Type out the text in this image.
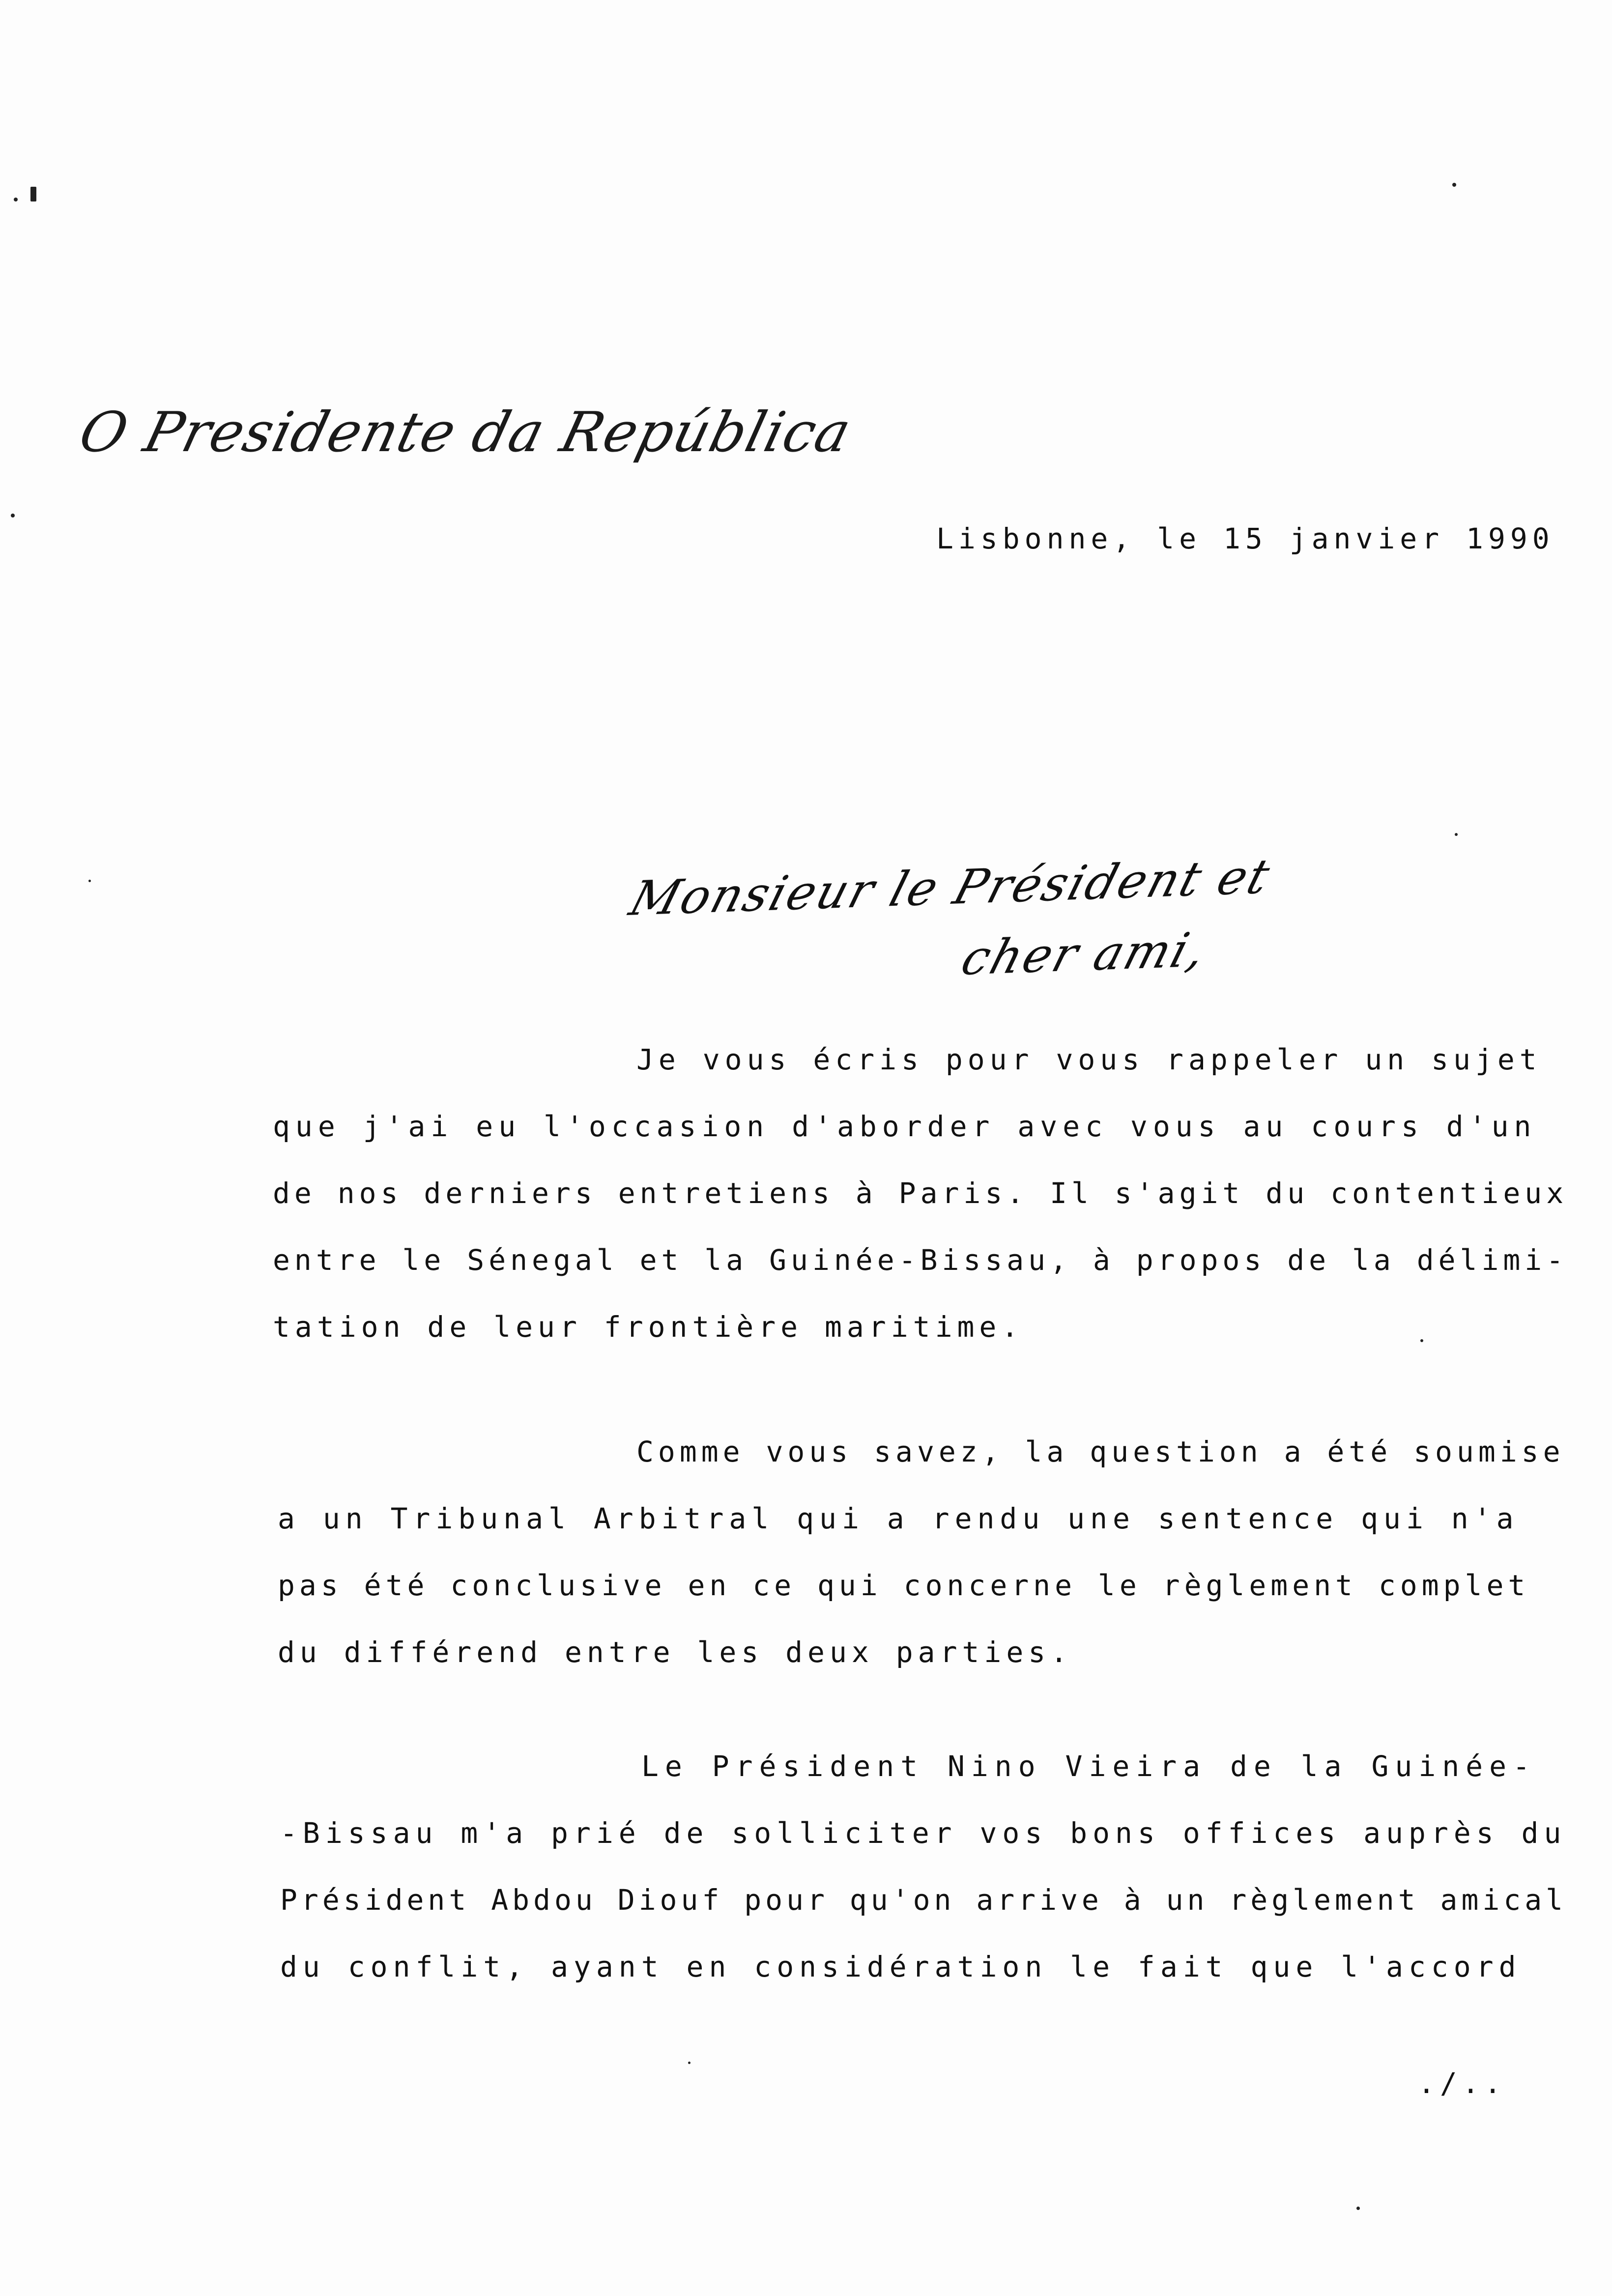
O Presidente da República
Lisbonne, le 15 janvier 1990
Monsieur le Président et
cher ami,
Je vous écris pour vous rappeler un sujet
que j'ai eu l'occasion d'aborder avec vous au cours d'un
de nos derniers entretiens à Paris. Il s'agit du contentieux
entre le Sénegal et la Guinée-Bissau, à propos de la délimi-
tation de leur frontière maritime.
Comme vous savez, la question a été soumise
a un Tribunal Arbitral qui a rendu une sentence qui n'a
pas été conclusive en ce qui concerne le règlement complet
du différend entre les deux parties.
Le Président Nino Vieira de la Guinée-
-Bissau m'a prié de solliciter vos bons offices auprès du
Président Abdou Diouf pour qu'on arrive à un règlement amical
du conflit, ayant en considération le fait que l'accord
./..
